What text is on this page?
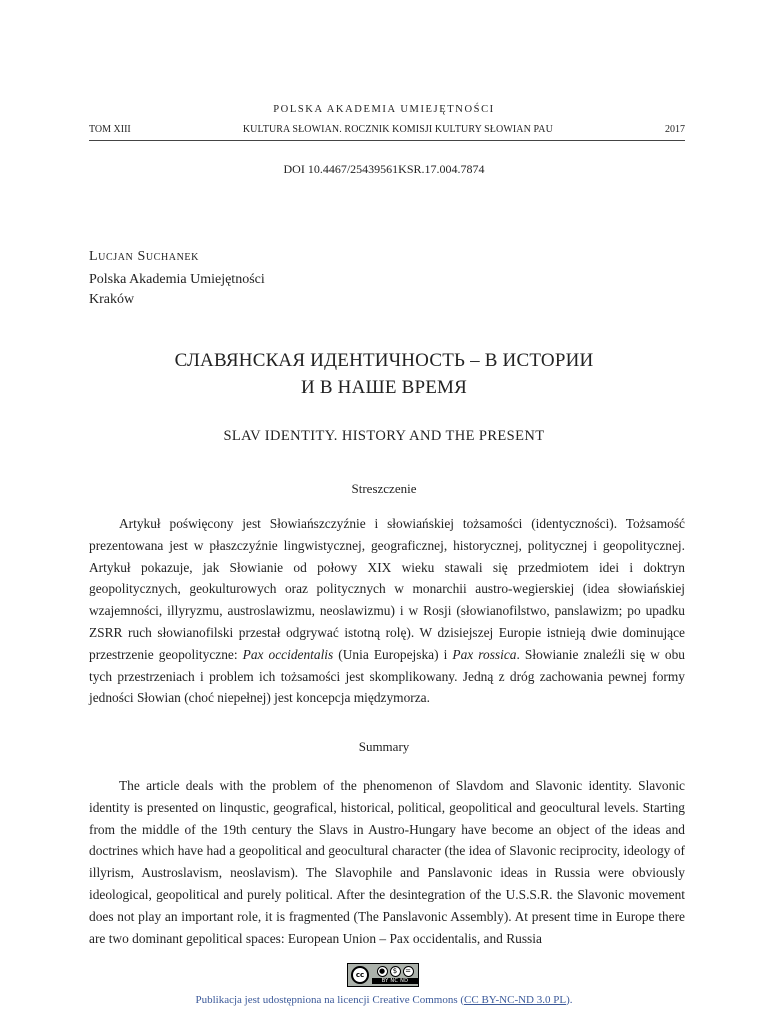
POLSKA AKADEMIA UMIEJĘTNOŚCI
TOM XIII	KULTURA SŁOWIAN. ROCZNIK KOMISJI KULTURY SŁOWIAN PAU	2017
DOI 10.4467/25439561KSR.17.004.7874
Lucjan Suchanek
Polska Akademia Umiejętności
Kraków
СЛАВЯНСКАЯ ИДЕНТИЧНОСТЬ – В ИСТОРИИ
И В НАШЕ ВРЕМЯ
SLAV IDENTITY. HISTORY AND THE PRESENT
Streszczenie

Artykuł poświęcony jest Słowiańszczyźnie i słowiańskiej tożsamości (identyczności). Tożsamość prezentowana jest w płaszczyźnie lingwistycznej, geograficznej, historycznej, politycznej i geopolitycznej. Artykuł pokazuje, jak Słowianie od połowy XIX wieku stawali się przedmiotem idei i doktryn geopolitycznych, geokulturowych oraz politycznych w monarchii austro-wegierskiej (idea słowiańskiej wzajemności, illyryzmu, austroslawizmu, neoslawizmu) i w Rosji (słowianofilstwo, panslawizm; po upadku ZSRR ruch słowianofilski przestał odgrywać istotną rolę). W dzisiejszej Europie istnieją dwie dominujące przestrzenie geopolityczne: Pax occidentalis (Unia Europejska) i Pax rossica. Słowianie znaleźli się w obu tych przestrzeniach i problem ich tożsamości jest skomplikowany. Jedną z dróg zachowania pewnej formy jedności Słowian (choć niepełnej) jest koncepcja międzymorza.

Summary

The article deals with the problem of the phenomenon of Slavdom and Slavonic identity. Slavonic identity is presented on linqustic, geografical, historical, political, geopolitical and geocultural levels. Starting from the middle of the 19th century the Slavs in Austro-Hungary have become an object of the ideas and doctrines which have had a geopolitical and geocultural character (the idea of Slavonic reciprocity, ideology of illyrism, Austroslavism, neoslavism). The Slavophile and Panslavonic ideas in Russia were obviously ideological, geopolitical and purely political. After the desintegration of the U.S.S.R. the Slavonic movement does not play an important role, it is fragmented (The Panslavonic Assembly). At present time in Europe there are two dominant gepolitical spaces: European Union – Pax occidentalis, and Russia

cc	●	$	=
BY NC ND
Publikacja jest udostępniona na licencji Creative Commons (CC BY-NC-ND 3.0 PL).
